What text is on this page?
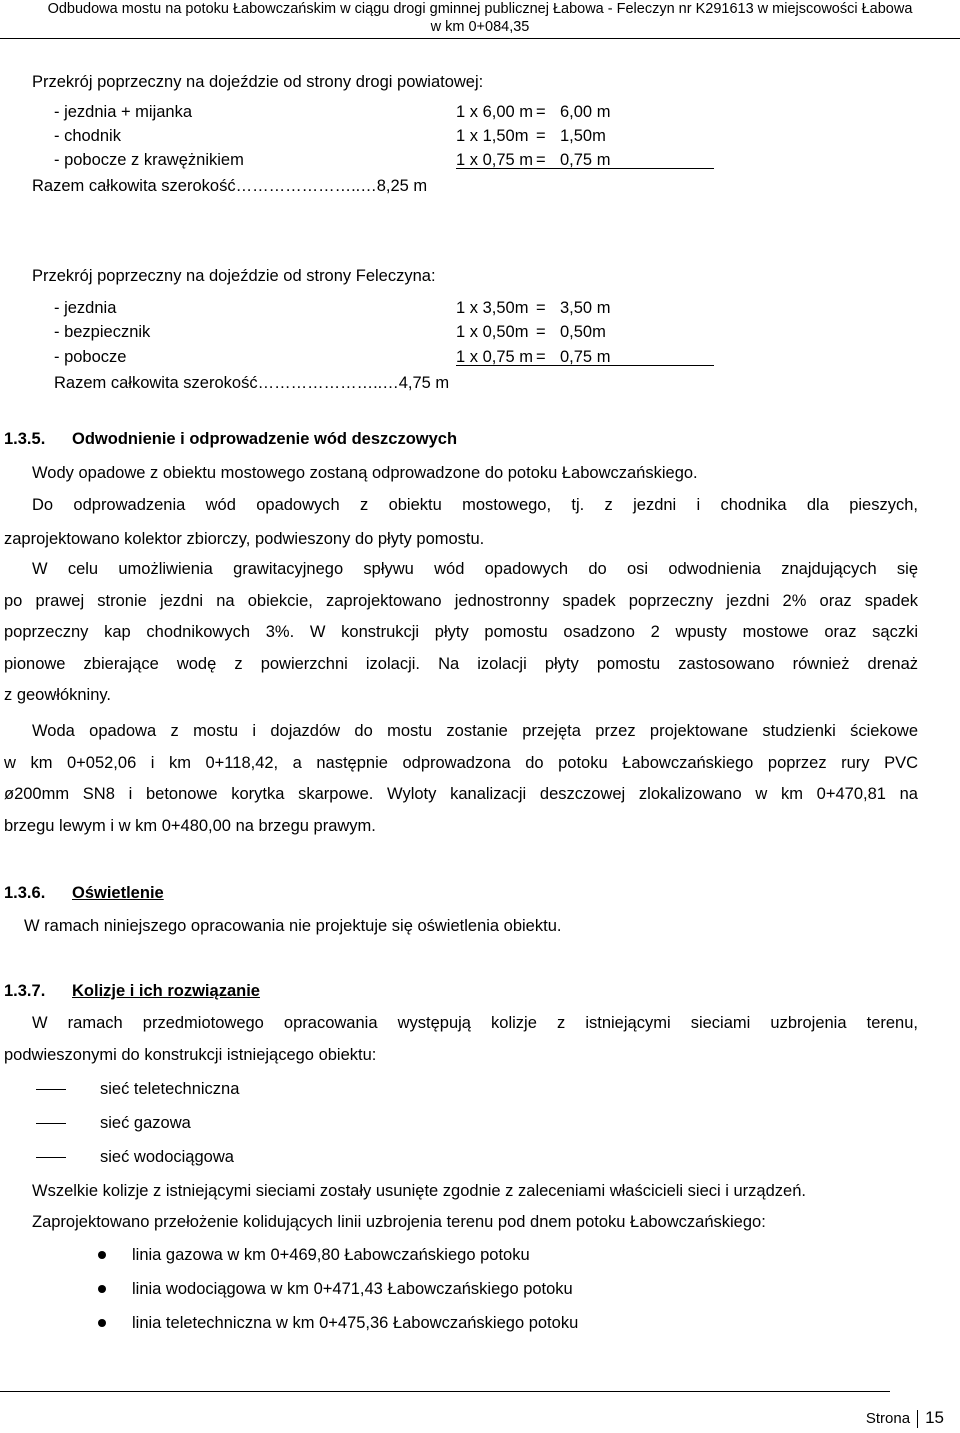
Odbudowa mostu na potoku Łabowczańskim w ciągu drogi gminnej publicznej Łabowa - Feleczyn nr K291613 w miejscowości Łabowa
w km 0+084,35
Przekrój poprzeczny na dojeździe od strony drogi powiatowej:
- jezdnia + mijanka	1 x 6,00 m = 6,00 m
- chodnik	1 x 1,50m = 1,50m
- pobocze z krawężnikiem	1 x 0,75 m = 0,75 m
Razem całkowita szerokość…………………..…8,25 m
Przekrój poprzeczny na dojeździe od strony Feleczyna:
- jezdnia	1 x 3,50m = 3,50 m
- bezpiecznik	1 x 0,50m = 0,50m
- pobocze	1 x 0,75 m = 0,75 m
Razem całkowita szerokość…………………..…4,75 m
1.3.5. Odwodnienie i odprowadzenie wód deszczowych
Wody opadowe z obiektu mostowego zostaną odprowadzone do potoku Łabowczańskiego.
Do odprowadzenia wód opadowych z obiektu mostowego, tj. z jezdni i chodnika dla pieszych,
zaprojektowano kolektor zbiorczy, podwieszony do płyty pomostu.
W celu umożliwienia grawitacyjnego spływu wód opadowych do osi odwodnienia znajdujących się
po prawej stronie jezdni na obiekcie, zaprojektowano jednostronny spadek poprzeczny jezdni 2% oraz spadek
poprzeczny kap chodnikowych 3%. W konstrukcji płyty pomostu osadzono 2 wpusty mostowe oraz sączki
pionowe zbierające wodę z powierzchni izolacji. Na izolacji płyty pomostu zastosowano również drenaż
z geowłókniny.
Woda opadowa z mostu i dojazdów do mostu zostanie przejęta przez projektowane studzienki ściekowe
w km 0+052,06 i km 0+118,42, a następnie odprowadzona do potoku Łabowczańskiego poprzez rury PVC
ø200mm SN8 i betonowe korytka skarpowe. Wyloty kanalizacji deszczowej zlokalizowano w km 0+470,81 na
brzegu lewym i w km 0+480,00 na brzegu prawym.
1.3.6. Oświetlenie
W ramach niniejszego opracowania nie projektuje się oświetlenia obiektu.
1.3.7. Kolizje i ich rozwiązanie
W ramach przedmiotowego opracowania występują kolizje z istniejącymi sieciami uzbrojenia terenu,
podwieszonymi do konstrukcji istniejącego obiektu:
sieć teletechniczna
sieć gazowa
sieć wodociągowa
Wszelkie kolizje z istniejącymi sieciami zostały usunięte zgodnie z zaleceniami właścicieli sieci i urządzeń.
Zaprojektowano przełożenie kolidujących linii uzbrojenia terenu pod dnem potoku Łabowczańskiego:
linia gazowa w km 0+469,80 Łabowczańskiego potoku
linia wodociągowa w km 0+471,43 Łabowczańskiego potoku
linia teletechniczna w km 0+475,36 Łabowczańskiego potoku
Strona 15
